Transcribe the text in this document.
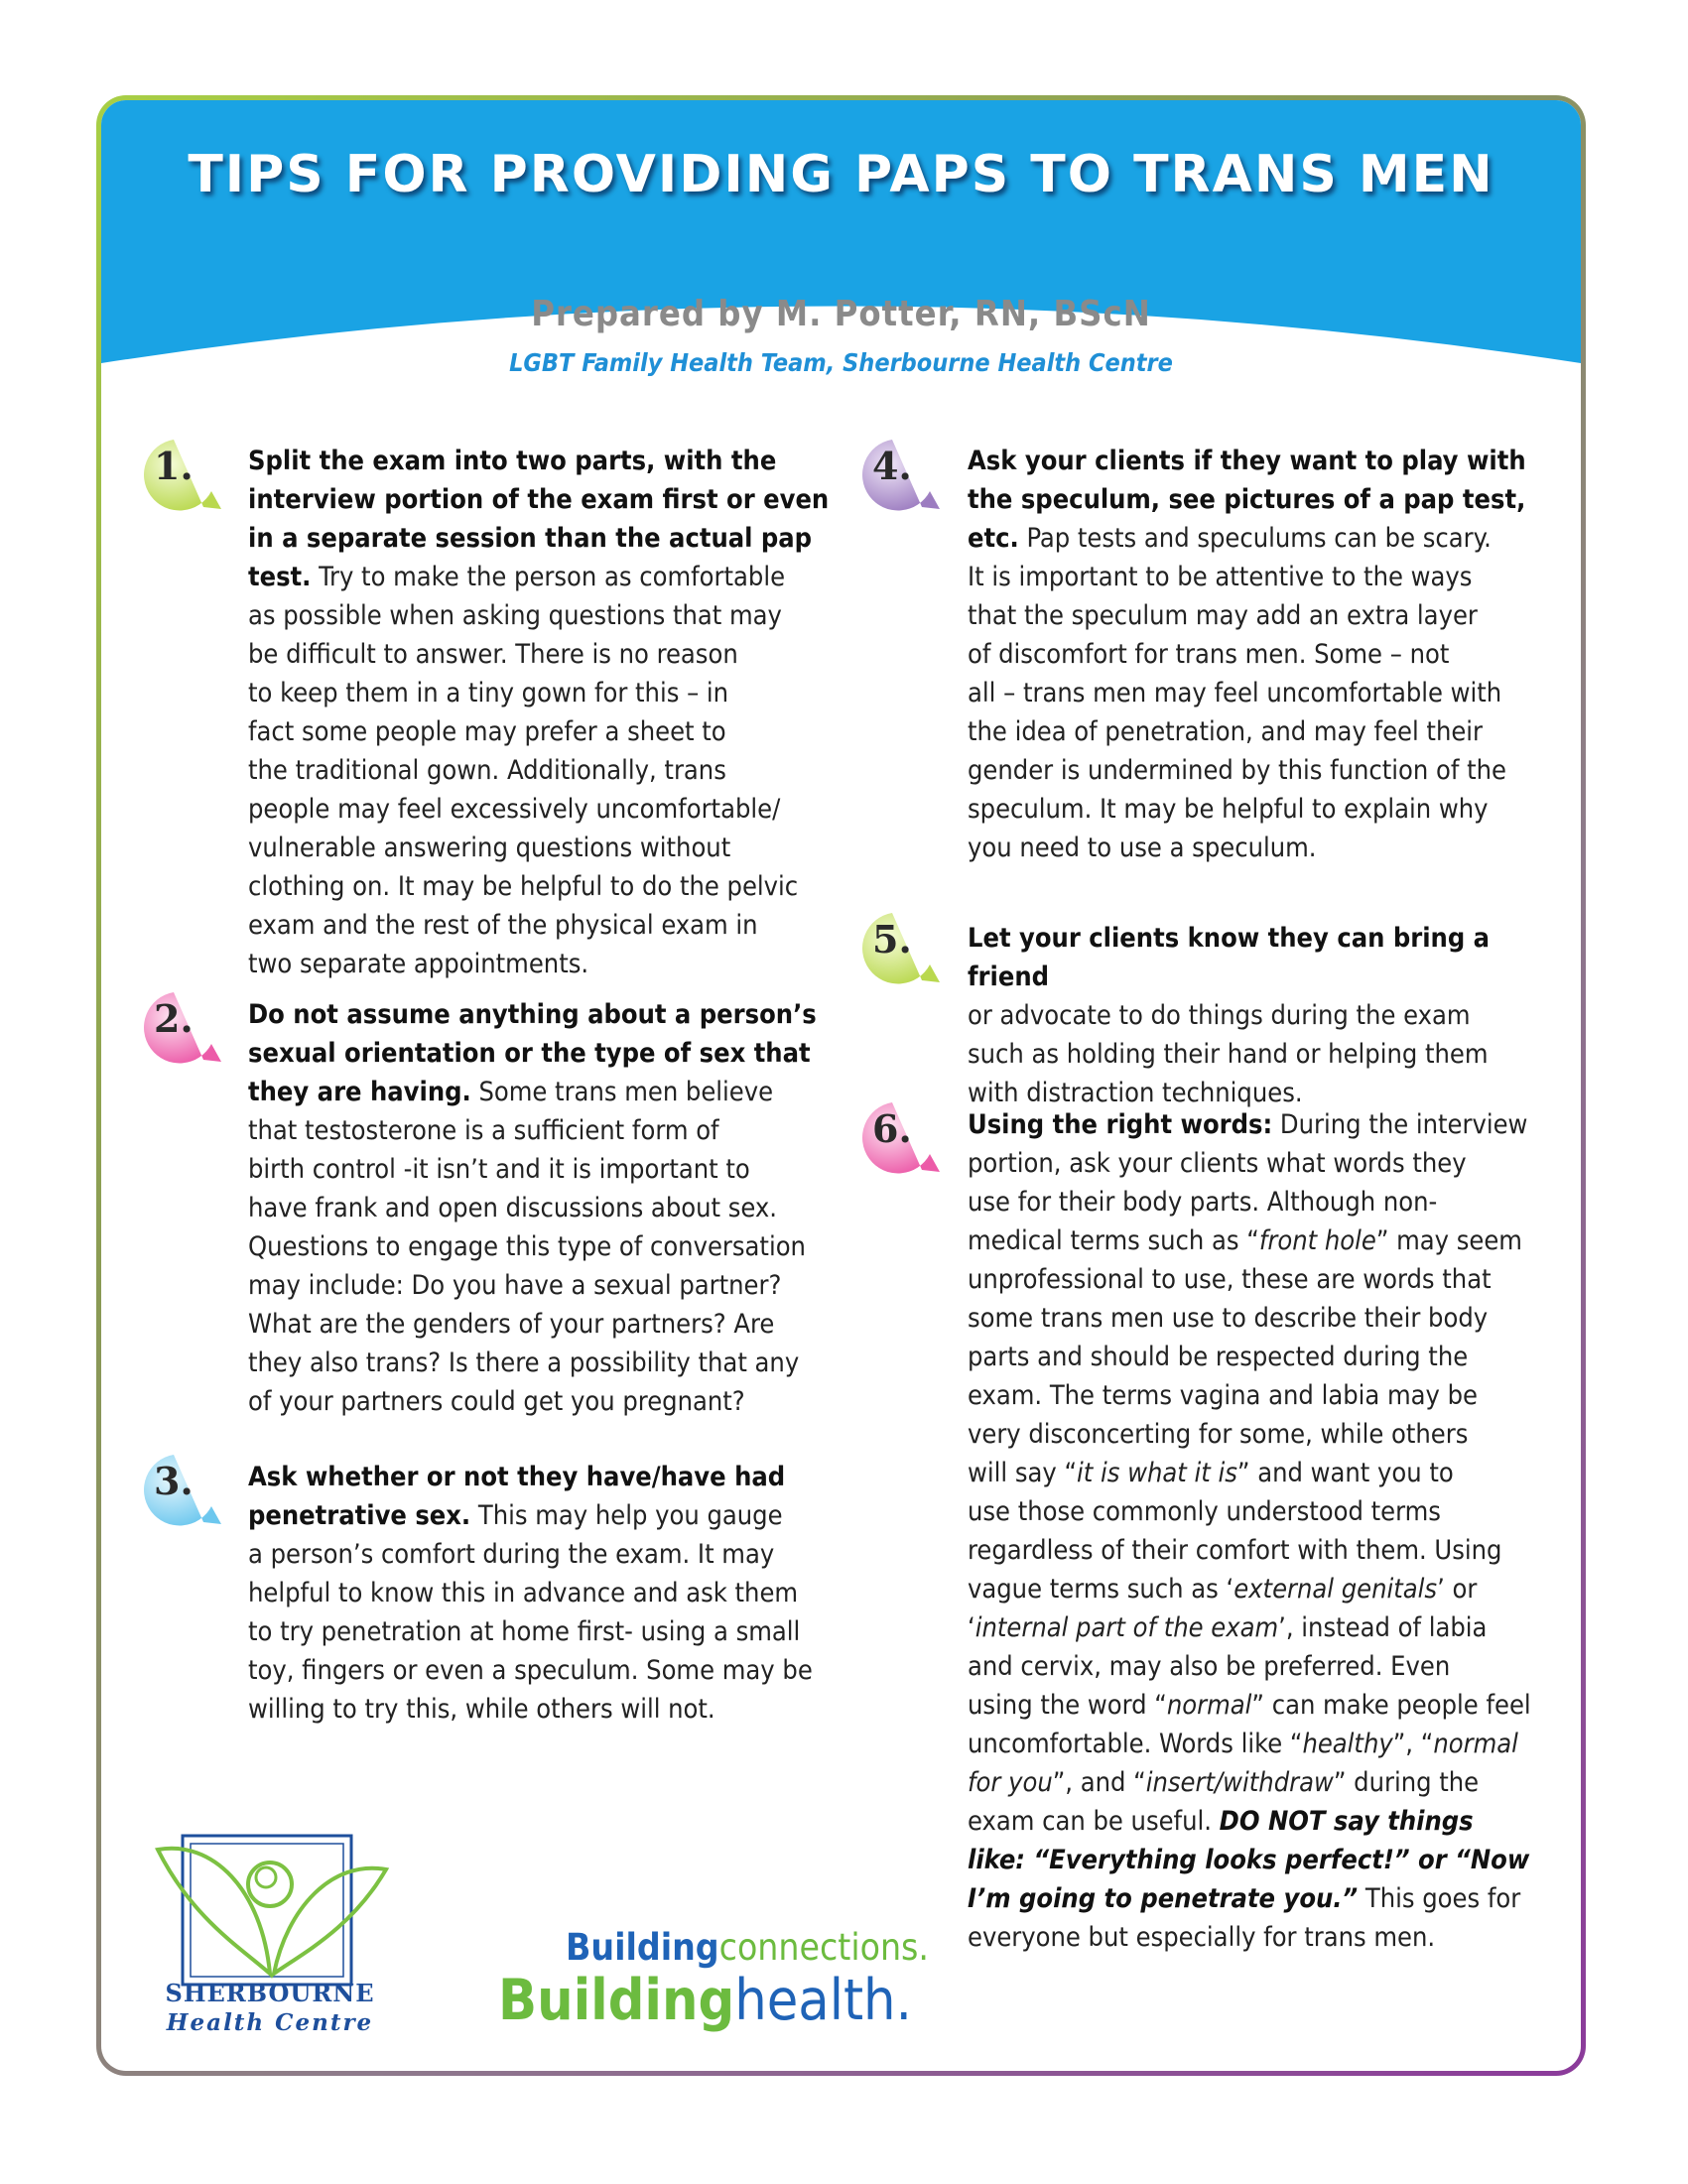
TIPS FOR PROVIDING PAPS TO TRANS MEN
Prepared by M. Potter, RN, BScN
LGBT Family Health Team, Sherbourne Health Centre
1. Split the exam into two parts, with the
interview portion of the exam first or even
in a separate session than the actual pap
test. Try to make the person as comfortable
as possible when asking questions that may
be difficult to answer. There is no reason
to keep them in a tiny gown for this – in
fact some people may prefer a sheet to
the traditional gown. Additionally, trans
people may feel excessively uncomfortable/
vulnerable answering questions without
clothing on. It may be helpful to do the pelvic
exam and the rest of the physical exam in
two separate appointments.

2. Do not assume anything about a person’s
sexual orientation or the type of sex that
they are having. Some trans men believe
that testosterone is a sufficient form of
birth control -it isn’t and it is important to
have frank and open discussions about sex.
Questions to engage this type of conversation
may include: Do you have a sexual partner?
What are the genders of your partners? Are
they also trans? Is there a possibility that any
of your partners could get you pregnant?

3. Ask whether or not they have/have had
penetrative sex. This may help you gauge
a person’s comfort during the exam. It may
helpful to know this in advance and ask them
to try penetration at home first- using a small
toy, fingers or even a speculum. Some may be
willing to try this, while others will not.

4. Ask your clients if they want to play with
the speculum, see pictures of a pap test,
etc. Pap tests and speculums can be scary.
It is important to be attentive to the ways
that the speculum may add an extra layer
of discomfort for trans men. Some – not
all – trans men may feel uncomfortable with
the idea of penetration, and may feel their
gender is undermined by this function of the
speculum. It may be helpful to explain why
you need to use a speculum.

5. Let your clients know they can bring a friend
or advocate to do things during the exam
such as holding their hand or helping them
with distraction techniques.

6. Using the right words: During the interview
portion, ask your clients what words they
use for their body parts. Although non-
medical terms such as “front hole” may seem
unprofessional to use, these are words that
some trans men use to describe their body
parts and should be respected during the
exam. The terms vagina and labia may be
very disconcerting for some, while others
will say “it is what it is” and want you to
use those commonly understood terms
regardless of their comfort with them. Using
vague terms such as ‘external genitals’ or
‘internal part of the exam’, instead of labia
and cervix, may also be preferred. Even
using the word “normal” can make people feel
uncomfortable. Words like “healthy”, “normal
for you”, and “insert/withdraw” during the
exam can be useful. DO NOT say things
like: “Everything looks perfect!” or “Now
I’m going to penetrate you.” This goes for
everyone but especially for trans men.

SHERBOURNE
Health Centre
Buildingconnections.
Buildinghealth.
